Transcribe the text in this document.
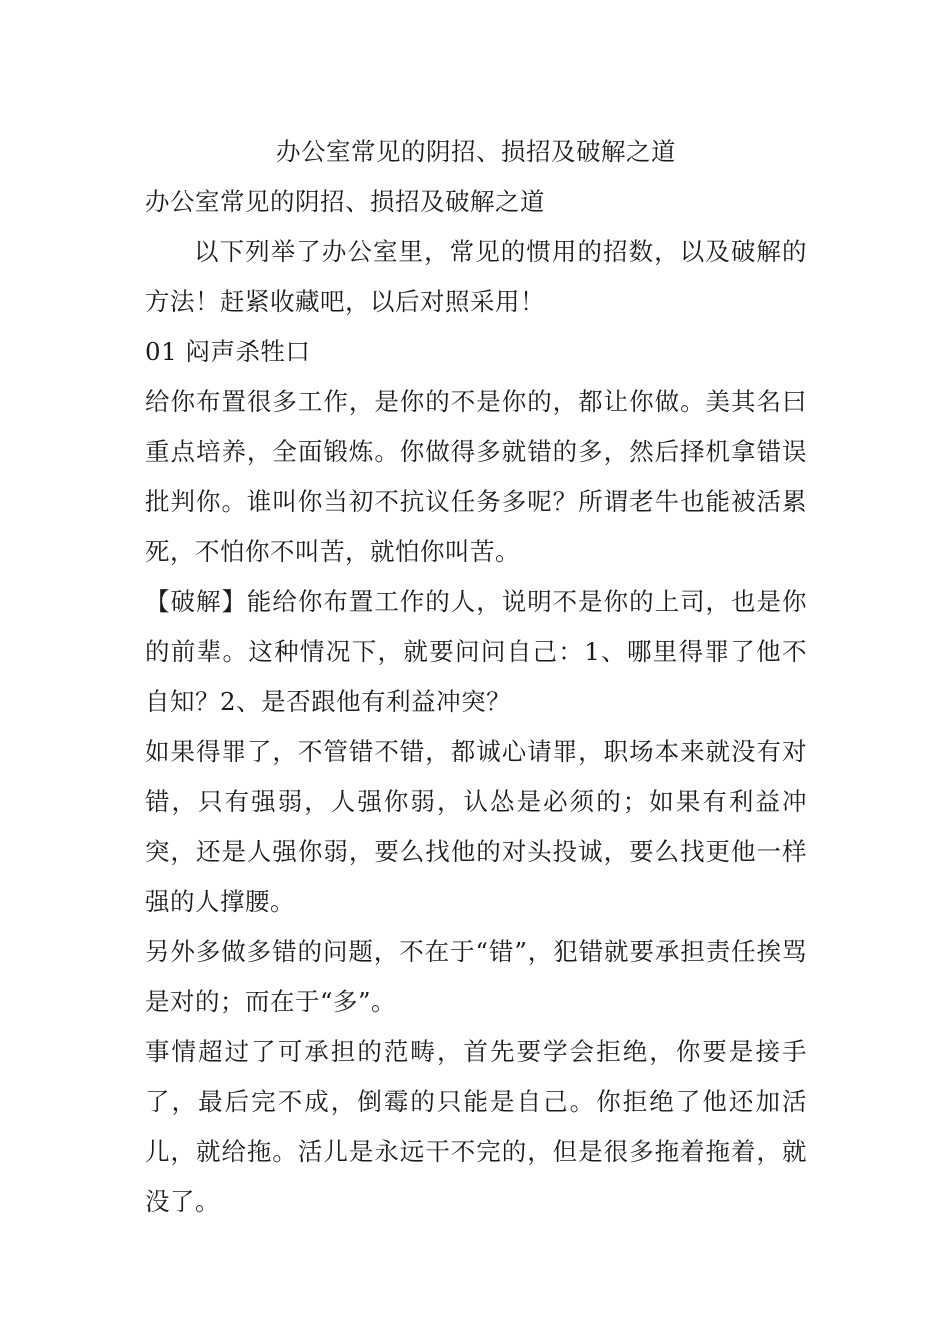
办公室常见的阴招、损招及破解之道

办公室常见的阴招、损招及破解之道

以下列举了办公室里，常见的惯用的招数，以及破解的方法！赶紧收藏吧，以后对照采用！

01 闷声杀牲口

给你布置很多工作，是你的不是你的，都让你做。美其名曰重点培养，全面锻炼。你做得多就错的多，然后择机拿错误批判你。谁叫你当初不抗议任务多呢？所谓老牛也能被活累死，不怕你不叫苦，就怕你叫苦。

【破解】能给你布置工作的人，说明不是你的上司，也是你的前辈。这种情况下，就要问问自己：1、哪里得罪了他不自知？2、是否跟他有利益冲突？

如果得罪了，不管错不错，都诚心请罪，职场本来就没有对错，只有强弱，人强你弱，认怂是必须的；如果有利益冲突，还是人强你弱，要么找他的对头投诚，要么找更他一样强的人撑腰。

另外多做多错的问题，不在于“错”，犯错就要承担责任挨骂是对的；而在于“多”。

事情超过了可承担的范畴，首先要学会拒绝，你要是接手了，最后完不成，倒霉的只能是自己。你拒绝了他还加活儿，就给拖。活儿是永远干不完的，但是很多拖着拖着，就没了。
